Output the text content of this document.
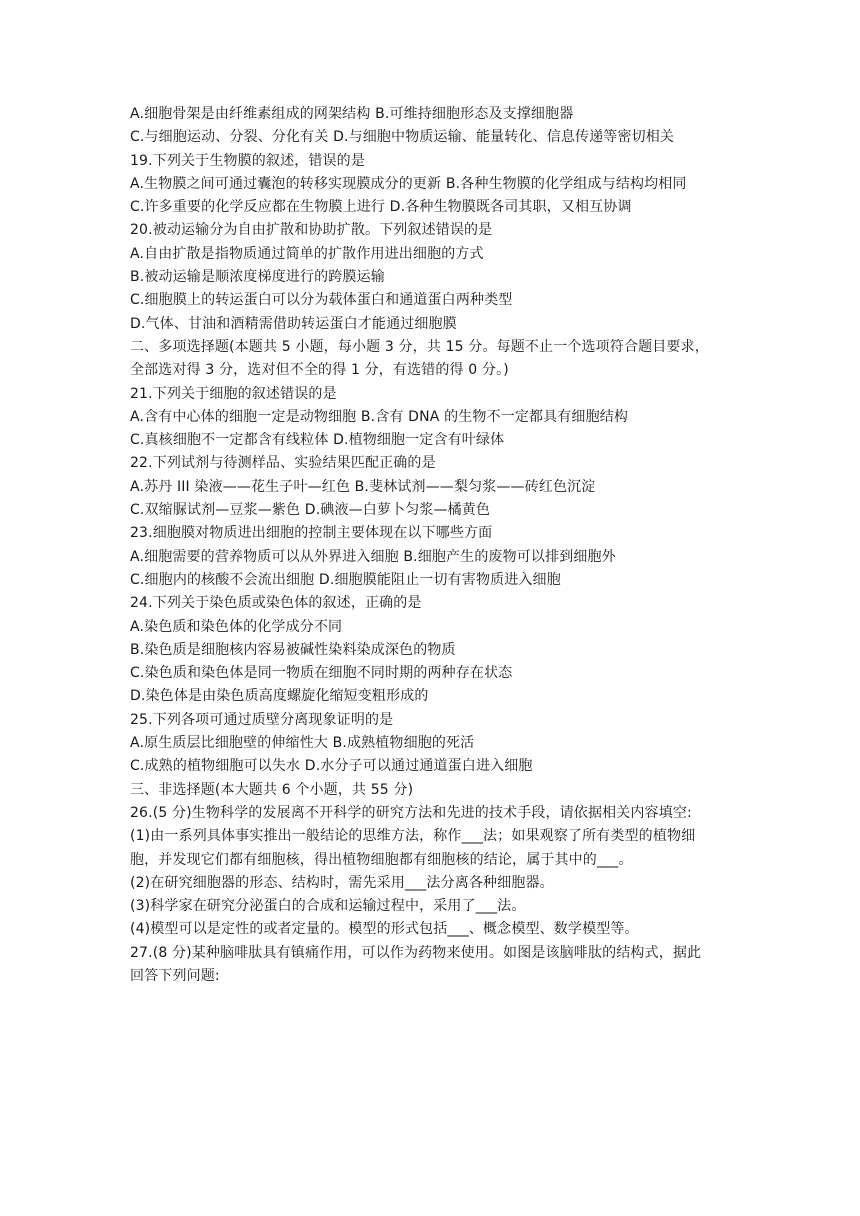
A.细胞骨架是由纤维素组成的网架结构 B.可维持细胞形态及支撑细胞器
C.与细胞运动、分裂、分化有关 D.与细胞中物质运输、能量转化、信息传递等密切相关
19.下列关于生物膜的叙述，错误的是
A.生物膜之间可通过囊泡的转移实现膜成分的更新 B.各种生物膜的化学组成与结构均相同
C.许多重要的化学反应都在生物膜上进行 D.各种生物膜既各司其职，又相互协调
20.被动运输分为自由扩散和协助扩散。下列叙述错误的是
A.自由扩散是指物质通过简单的扩散作用进出细胞的方式
B.被动运输是顺浓度梯度进行的跨膜运输
C.细胞膜上的转运蛋白可以分为载体蛋白和通道蛋白两种类型
D.气体、甘油和酒精需借助转运蛋白才能通过细胞膜
二、多项选择题(本题共 5 小题，每小题 3 分，共 15 分。每题不止一个选项符合题目要求，
全部选对得 3 分，选对但不全的得 1 分，有选错的得 0 分。)
21.下列关于细胞的叙述错误的是
A.含有中心体的细胞一定是动物细胞 B.含有 DNA 的生物不一定都具有细胞结构
C.真核细胞不一定都含有线粒体 D.植物细胞一定含有叶绿体
22.下列试剂与待测样品、实验结果匹配正确的是
A.苏丹 III 染液——花生子叶—红色 B.斐林试剂——梨匀浆——砖红色沉淀
C.双缩脲试剂—豆浆—紫色 D.碘液—白萝卜匀浆—橘黄色
23.细胞膜对物质进出细胞的控制主要体现在以下哪些方面
A.细胞需要的营养物质可以从外界进入细胞 B.细胞产生的废物可以排到细胞外
C.细胞内的核酸不会流出细胞 D.细胞膜能阻止一切有害物质进入细胞
24.下列关于染色质或染色体的叙述，正确的是
A.染色质和染色体的化学成分不同
B.染色质是细胞核内容易被碱性染料染成深色的物质
C.染色质和染色体是同一物质在细胞不同时期的两种存在状态
D.染色体是由染色质高度螺旋化缩短变粗形成的
25.下列各项可通过质壁分离现象证明的是
A.原生质层比细胞壁的伸缩性大 B.成熟植物细胞的死活
C.成熟的植物细胞可以失水 D.水分子可以通过通道蛋白进入细胞
三、非选择题(本大题共 6 个小题，共 55 分)
26.(5 分)生物科学的发展离不开科学的研究方法和先进的技术手段，请依据相关内容填空:
(1)由一系列具体事实推出一般结论的思维方法，称作___法；如果观察了所有类型的植物细
胞，并发现它们都有细胞核，得出植物细胞都有细胞核的结论，属于其中的___。
(2)在研究细胞器的形态、结构时，需先采用___法分离各种细胞器。
(3)科学家在研究分泌蛋白的合成和运输过程中，采用了___法。
(4)模型可以是定性的或者定量的。模型的形式包括___、概念模型、数学模型等。
27.(8 分)某种脑啡肽具有镇痛作用，可以作为药物来使用。如图是该脑啡肽的结构式，据此
回答下列问题:
